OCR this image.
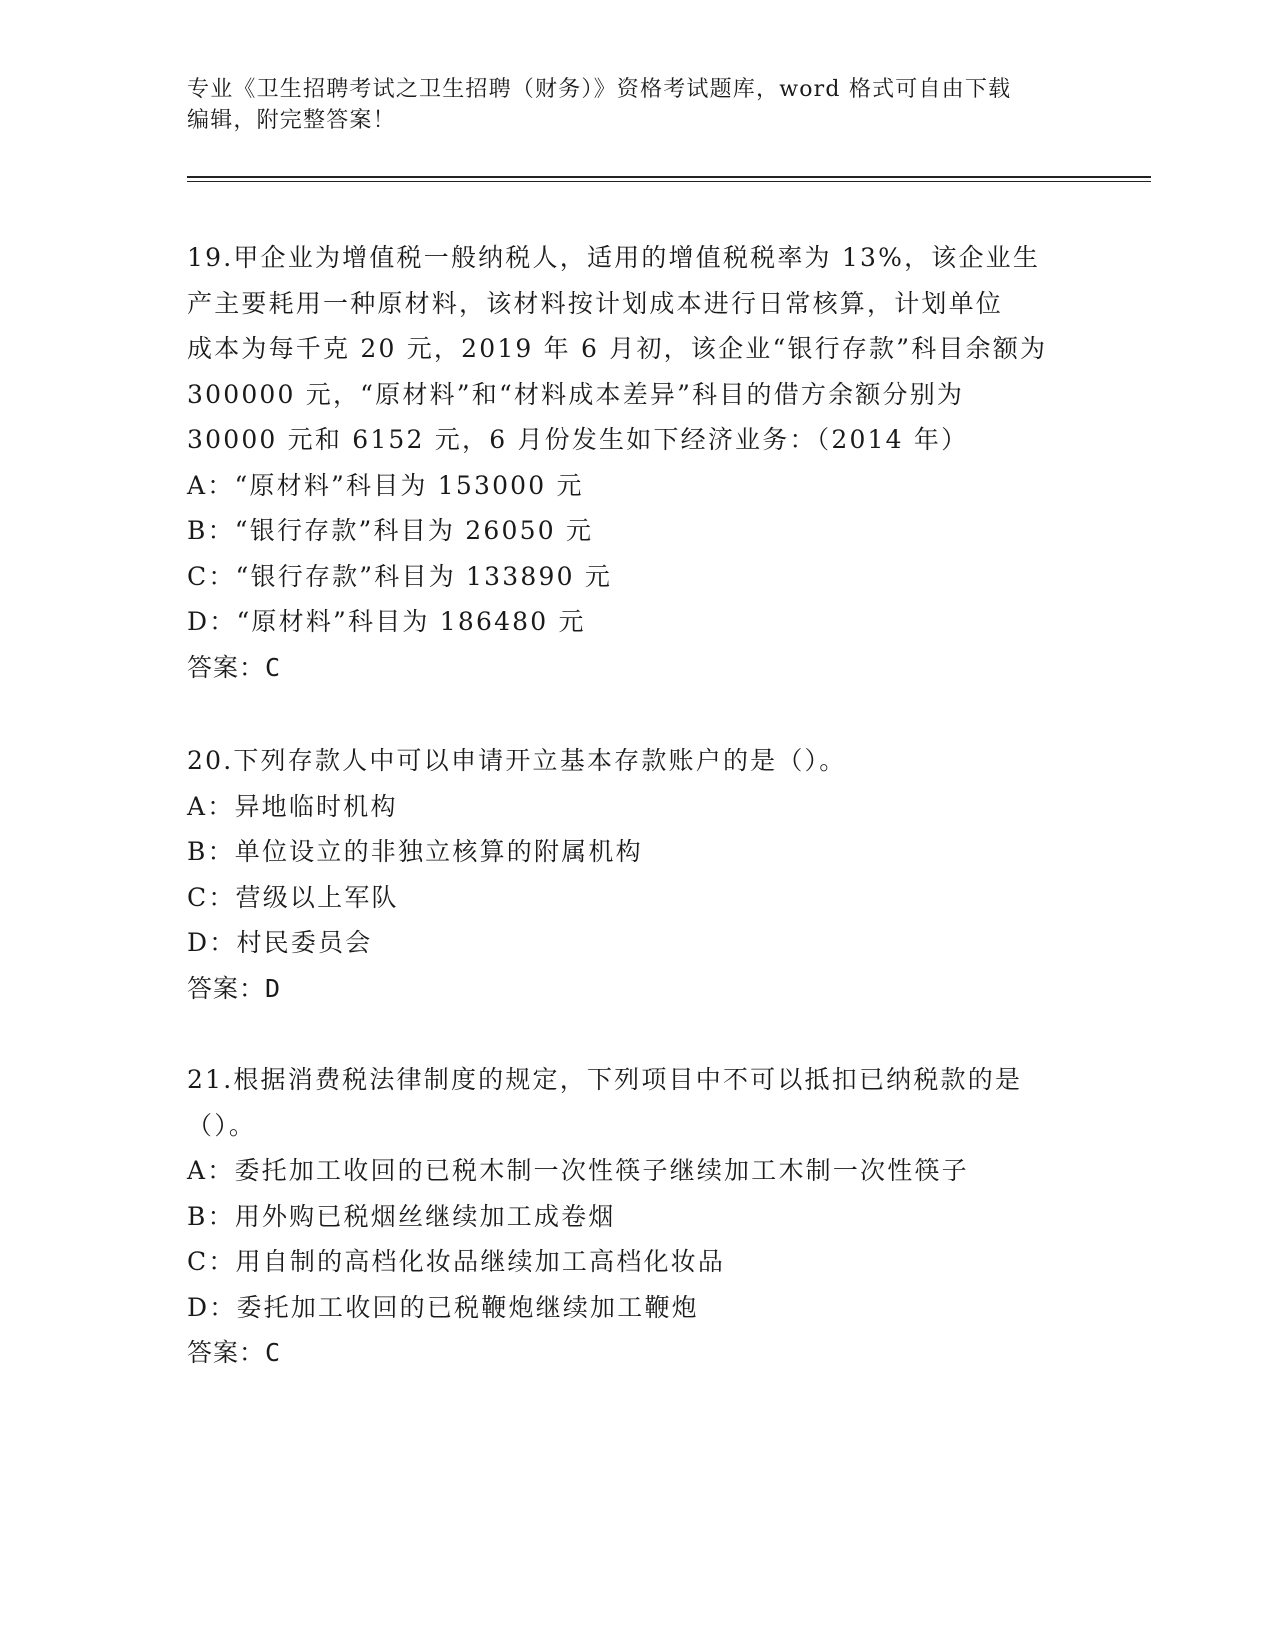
专业《卫生招聘考试之卫生招聘（财务）》资格考试题库，word 格式可自由下载
编辑，附完整答案！

19.甲企业为增值税一般纳税人，适用的增值税税率为 13%，该企业生

产主要耗用一种原材料，该材料按计划成本进行日常核算，计划单位

成本为每千克 20 元，2019 年 6 月初，该企业“银行存款”科目余额为

300000 元，“原材料”和“材料成本差异”科目的借方余额分别为

30000 元和 6152 元，6 月份发生如下经济业务：（2014 年）

A：“原材料”科目为 153000 元

B：“银行存款”科目为 26050 元

C：“银行存款”科目为 133890 元

D：“原材料”科目为 186480 元

答案：C

20.下列存款人中可以申请开立基本存款账户的是（）。

A：异地临时机构

B：单位设立的非独立核算的附属机构

C：营级以上军队

D：村民委员会

答案：D

21.根据消费税法律制度的规定，下列项目中不可以抵扣已纳税款的是

（）。

A：委托加工收回的已税木制一次性筷子继续加工木制一次性筷子

B：用外购已税烟丝继续加工成卷烟

C：用自制的高档化妆品继续加工高档化妆品

D：委托加工收回的已税鞭炮继续加工鞭炮

答案：C
